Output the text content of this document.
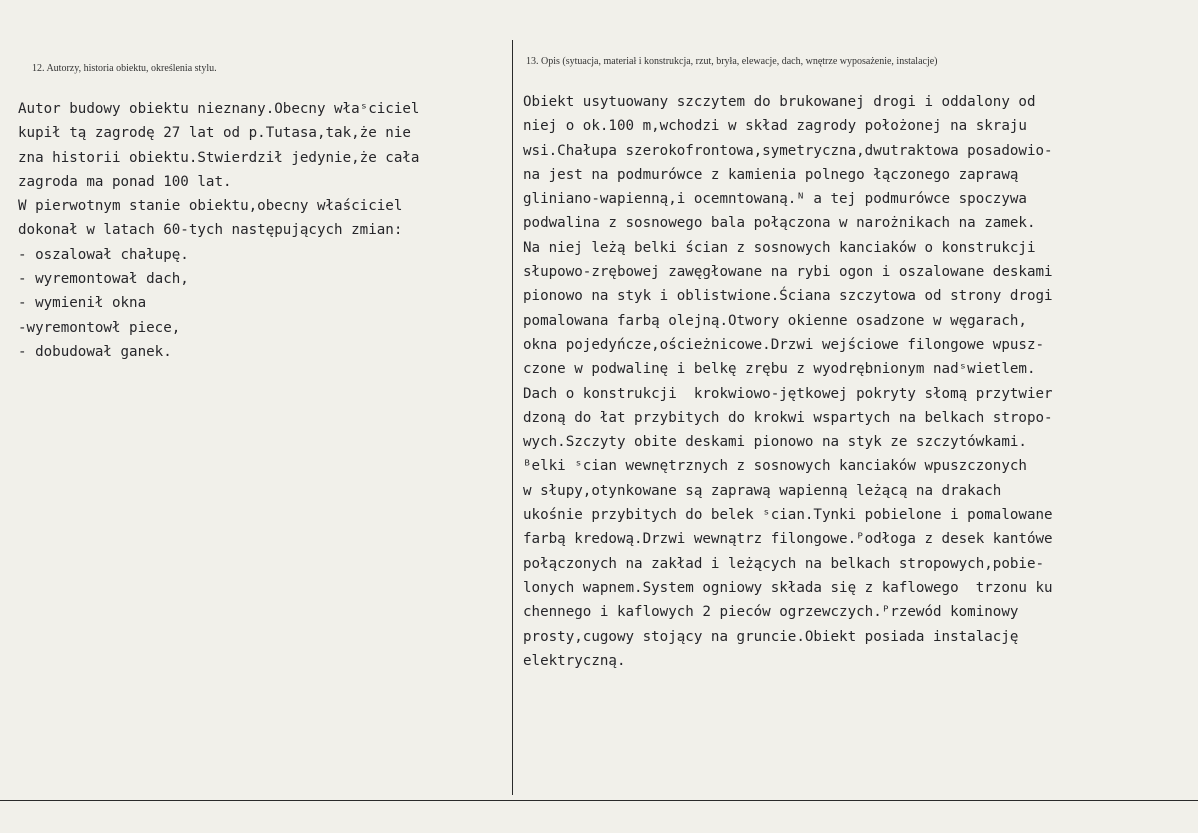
12. Autorzy, historia obiektu, określenia stylu.
13. Opis (sytuacja, materiał i konstrukcja, rzut, bryła, elewacje, dach, wnętrze wyposażenie, instalacje)
Autor budowy obiektu nieznany.Obecny właˢciciel
kupił tą zagrodę 27 lat od p.Tutasa,tak,że nie
zna historii obiektu.Stwierdził jedynie,że cała
zagroda ma ponad 100 lat.
W pierwotnym stanie obiektu,obecny właściciel
dokonał w latach 60-tych następujących zmian:
- oszalował chałupę.
- wyremontował dach,
- wymienił okna
-wyremontowł piece,
- dobudował ganek.
Obiekt usytuowany szczytem do brukowanej drogi i oddalony od
niej o ok.100 m,wchodzi w skład zagrody położonej na skraju
wsi.Chałupa szerokofrontowa,symetryczna,dwutraktowa posadowio-
na jest na podmurówce z kamienia polnego łączonego zaprawą
gliniano-wapienną,i ocemntowaną.ᴺ a tej podmurówce spoczywa
podwalina z sosnowego bala połączona w narożnikach na zamek.
Na niej leżą belki ścian z sosnowych kanciaków o konstrukcji
słupowo-zrębowej zawęgłowane na rybi ogon i oszalowane deskami
pionowo na styk i oblistwione.Ściana szczytowa od strony drogi
pomalowana farbą olejną.Otwory okienne osadzone w węgarach,
okna pojedyńcze,ościeżnicowe.Drzwi wejściowe filongowe wpusz-
czone w podwalinę i belkę zrębu z wyodrębnionym nadˢwietlem.
Dach o konstrukcji  krokwiowo-jętkowej pokryty słomą przytwier
dzoną do łat przybitych do krokwi wspartych na belkach stropo-
wych.Szczyty obite deskami pionowo na styk ze szczytówkami.
ᴮelki ˢcian wewnętrznych z sosnowych kanciaków wpuszczonych
w słupy,otynkowane są zaprawą wapienną leżącą na drakach
ukośnie przybitych do belek ˢcian.Tynki pobielone i pomalowane
farbą kredową.Drzwi wewnątrz filongowe.ᴾodłoga z desek kantówe
połączonych na zakład i leżących na belkach stropowych,pobie-
lonych wapnem.System ogniowy składa się z kaflowego  trzonu ku
chennego i kaflowych 2 pieców ogrzewczych.ᴾrzewód kominowy
prosty,cugowy stojący na gruncie.Obiekt posiada instalację
elektryczną.
